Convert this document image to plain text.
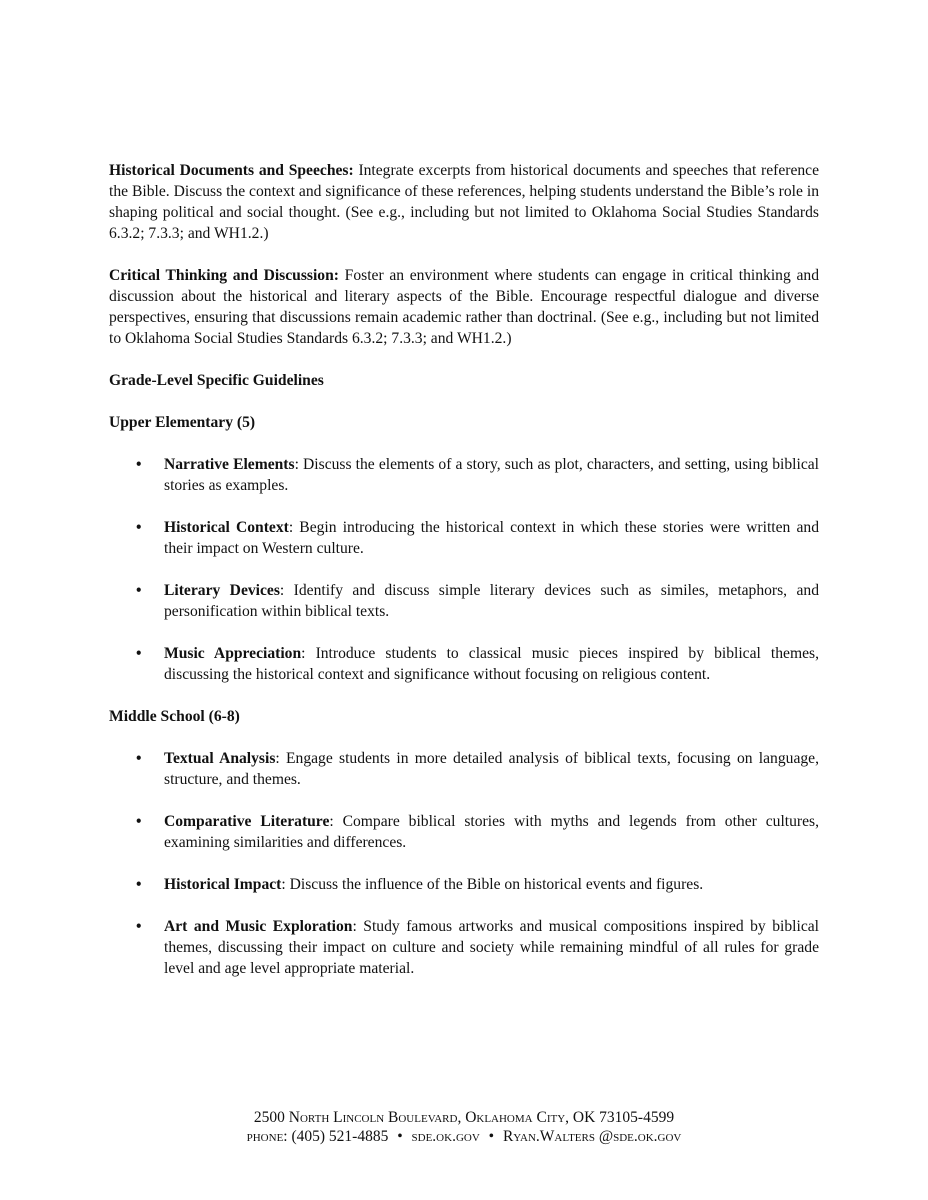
Historical Documents and Speeches: Integrate excerpts from historical documents and speeches that reference the Bible. Discuss the context and significance of these references, helping students understand the Bible’s role in shaping political and social thought. (See e.g., including but not limited to Oklahoma Social Studies Standards 6.3.2; 7.3.3; and WH1.2.)

Critical Thinking and Discussion: Foster an environment where students can engage in critical thinking and discussion about the historical and literary aspects of the Bible. Encourage respectful dialogue and diverse perspectives, ensuring that discussions remain academic rather than doctrinal. (See e.g., including but not limited to Oklahoma Social Studies Standards 6.3.2; 7.3.3; and WH1.2.)

Grade-Level Specific Guidelines

Upper Elementary (5)

• Narrative Elements: Discuss the elements of a story, such as plot, characters, and setting, using biblical stories as examples.
• Historical Context: Begin introducing the historical context in which these stories were written and their impact on Western culture.
• Literary Devices: Identify and discuss simple literary devices such as similes, metaphors, and personification within biblical texts.
• Music Appreciation: Introduce students to classical music pieces inspired by biblical themes, discussing the historical context and significance without focusing on religious content.

Middle School (6-8)

• Textual Analysis: Engage students in more detailed analysis of biblical texts, focusing on language, structure, and themes.
• Comparative Literature: Compare biblical stories with myths and legends from other cultures, examining similarities and differences.
• Historical Impact: Discuss the influence of the Bible on historical events and figures.
• Art and Music Exploration: Study famous artworks and musical compositions inspired by biblical themes, discussing their impact on culture and society while remaining mindful of all rules for grade level and age level appropriate material.
2500 North Lincoln Boulevard, Oklahoma City, OK 73105-4599
phone: (405) 521-4885 • sde.ok.gov • Ryan.Walters @sde.ok.gov
